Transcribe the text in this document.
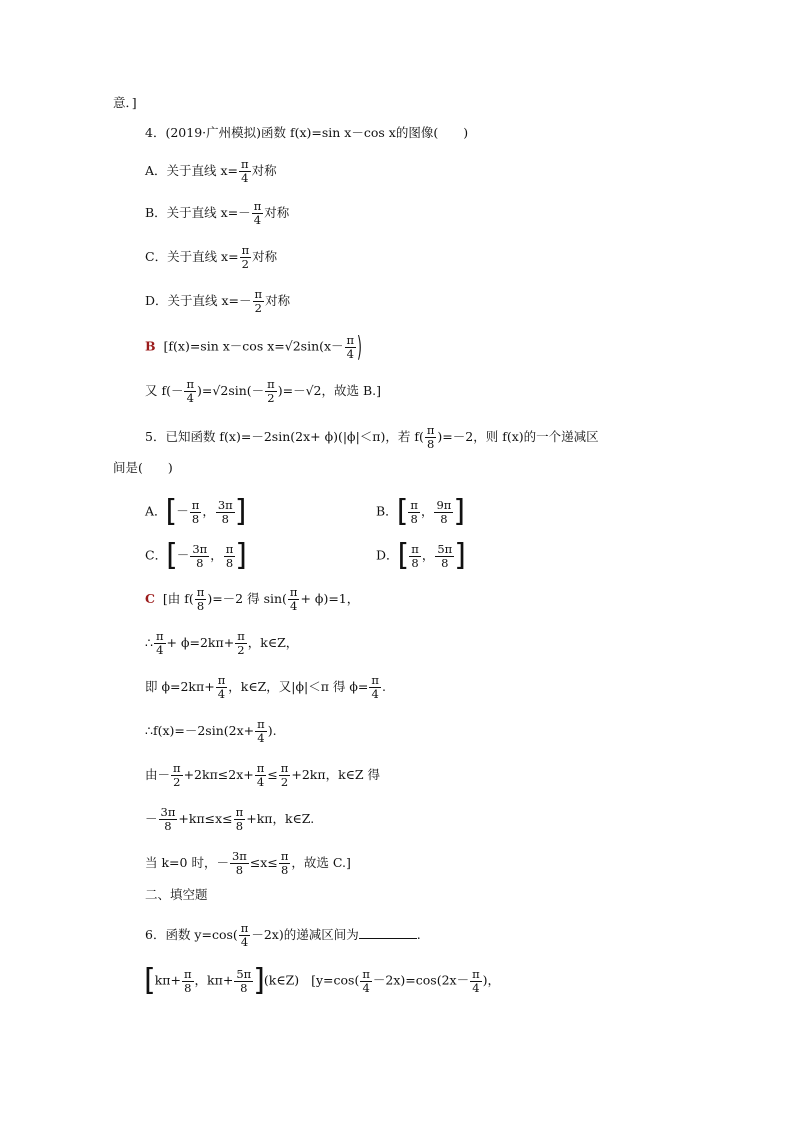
意．]
4．(2019·广州模拟)函数 f(x)=sin x－cos x的图像(　　)
A．关于直线 $x= \frac{\pi}{4}$ 对称
B．关于直线 $x=- \frac{\pi}{4}$ 对称
C．关于直线 $x= \frac{\pi}{2}$ 对称
D．关于直线 $x=- \frac{\pi}{2}$ 对称
B [f(x)=sin x－cos $x=√2\sin(x- \frac{\pi}{4}$ )
又 $f(- \frac{\pi}{4} )=√2\sin(- \frac{\pi}{2} )=-√2$，故选 B.]
5．已知函数 f(x)=－2sin(2x+ ϕ)(|ϕ|＜π)，若 $f( \frac{\pi}{8} )=-2$，则 f(x)的一个递减区
间是(　　)
A．[－ $\frac{\pi}{8}$ ， $\frac{3\pi}{8}$ ]	B．[ $\frac{\pi}{8}$ ， $\frac{9\pi}{8}$ ]
C．[－ $\frac{3\pi}{8}$ ， $\frac{\pi}{8}$ ]	D．[ $\frac{\pi}{8}$ ， $\frac{5\pi}{8}$ ]
C [由 $f( \frac{\pi}{8} )=-2$ 得 $\sin( \frac{\pi}{4} + \phi)=1$，
∴ $\frac{\pi}{4} + \phi=2k\pi+ \frac{\pi}{2}$ ，k∈Z，
即 $\phi=2k\pi+ \frac{\pi}{4}$ ，k∈Z，又|ϕ|＜π 得 $\phi= \frac{\pi}{4}$ .
∴f(x)=－2sin(2x+ $\frac{\pi}{4}$ ).
由－ $\frac{\pi}{2} +2k\pi\le 2x+ \frac{\pi}{4} \le \frac{\pi}{2} +2k\pi$，k∈Z 得
－ $\frac{3\pi}{8} +k\pi\le x\le \frac{\pi}{8} +k\pi$，k∈Z.
当 k=0 时，－ $\frac{3\pi}{8} \le x\le \frac{\pi}{8}$ ，故选 C.]
二、填空题
6．函数 $y=\cos( \frac{\pi}{4} -2x)$的递减区间为	.
[$k\pi+ \frac{\pi}{8}$ ，$k\pi+ \frac{5\pi}{8}$ ](k∈Z) [$y=\cos( \frac{\pi}{4} -2x)=\cos(2x- \frac{\pi}{4}$ )，
